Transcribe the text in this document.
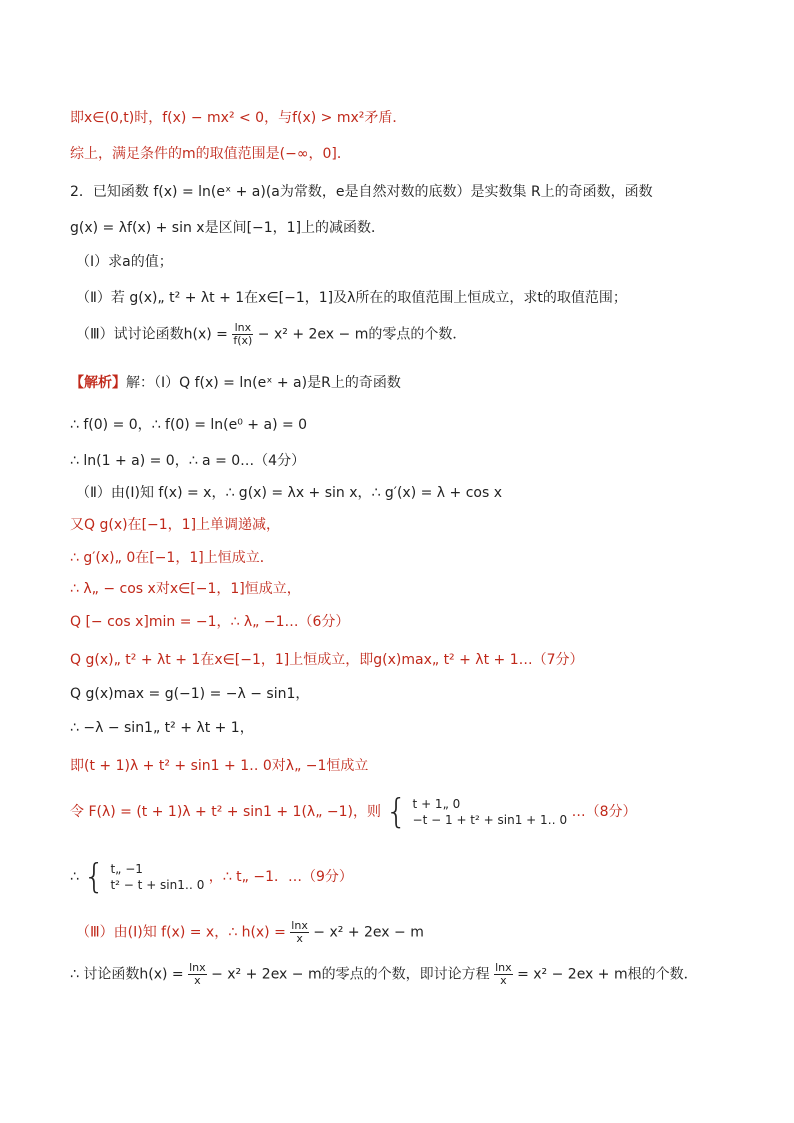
即x∈(0,t)时，f(x) − mx² < 0，与f(x) > mx²矛盾．
综上，满足条件的m的取值范围是(−∞，0]．
2．已知函数 f(x) = ln(eˣ + a)(a为常数，e是自然对数的底数）是实数集 R上的奇函数，函数
g(x) = λf(x) + sin x是区间[−1，1]上的减函数．
（Ⅰ）求a的值；
（Ⅱ）若 g(x)„ t² + λt + 1在x∈[−1，1]及λ所在的取值范围上恒成立，求t的取值范围；
（Ⅲ）试讨论函数$h(x) = \frac{\ln x}{f(x)} - x^2 + 2ex - m$的零点的个数．
【解析】解：（Ⅰ）Q f(x) = ln(eˣ + a)是R上的奇函数
∴ f(0) = 0，∴ f(0) = ln(e⁰ + a) = 0
∴ ln(1 + a) = 0，∴ a = 0…（4分）
（Ⅱ）由(I)知 f(x) = x，∴ g(x) = λx + sin x，∴ g′(x) = λ + cos x
又Q g(x)在[−1，1]上单调递减，
∴ g′(x)„ 0在[−1，1]上恒成立．
∴ λ„ − cos x对x∈[−1，1]恒成立，
Q [− cos x]min = −1，∴ λ„ −1…（6分）
Q g(x)„ t² + λt + 1在x∈[−1，1]上恒成立，即g(x)max„ t² + λt + 1…（7分）
Q g(x)max = g(−1) = −λ − sin1，
∴ −λ − sin1„ t² + λt + 1，
即(t + 1)λ + t² + sin1 + 1‥ 0对λ„ −1恒成立
令 F(λ) = (t + 1)λ + t² + sin1 + 1(λ„ −1)，则 { t + 1„ 0
−t − 1 + t² + sin1 + 1‥ 0 …（8分）
∴ { t„ −1
t² − t + sin1‥ 0 ，∴ t„ −1．…（9分）
（Ⅲ）由(I)知 f(x) = x，∴ $h(x) = \frac{\ln x}{x} - x^2 + 2ex - m$
∴ 讨论函数$h(x) = \frac{\ln x}{x} - x^2 + 2ex - m$的零点的个数，即讨论方程 $\frac{\ln x}{x} = x^2 - 2ex + m$根的个数．
